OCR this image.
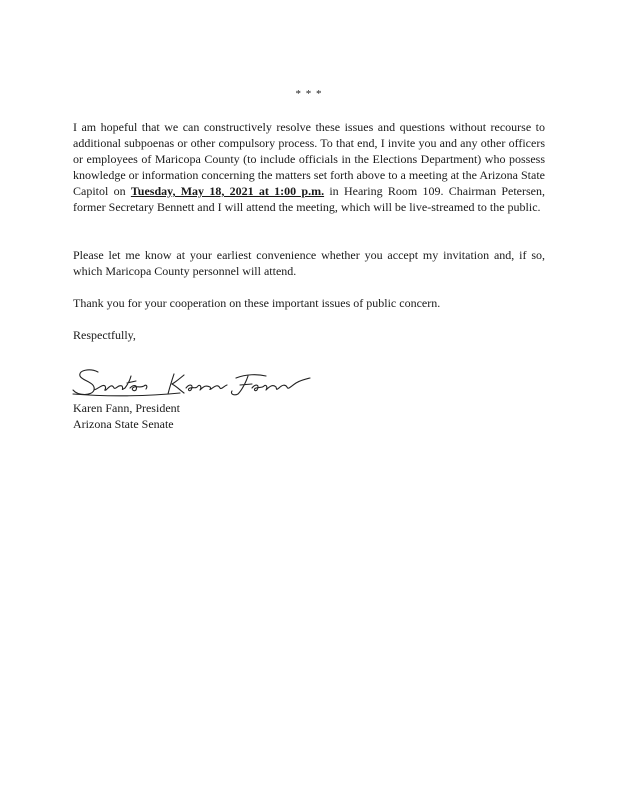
* * *

I am hopeful that we can constructively resolve these issues and questions without recourse to additional subpoenas or other compulsory process. To that end, I invite you and any other officers or employees of Maricopa County (to include officials in the Elections Department) who possess knowledge or information concerning the matters set forth above to a meeting at the Arizona State Capitol on Tuesday, May 18, 2021 at 1:00 p.m. in Hearing Room 109. Chairman Petersen, former Secretary Bennett and I will attend the meeting, which will be live-streamed to the public.

Please let me know at your earliest convenience whether you accept my invitation and, if so, which Maricopa County personnel will attend.

Thank you for your cooperation on these important issues of public concern.

Respectfully,

Karen Fann, President

Arizona State Senate
